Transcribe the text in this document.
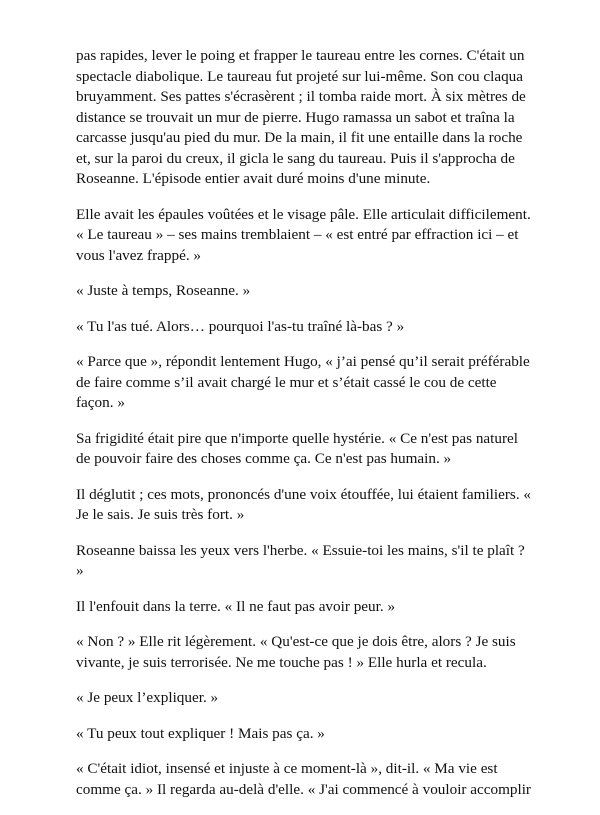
pas rapides, lever le poing et frapper le taureau entre les cornes. C'était un spectacle diabolique. Le taureau fut projeté sur lui-même. Son cou claqua bruyamment. Ses pattes s'écrasèrent ; il tomba raide mort. À six mètres de distance se trouvait un mur de pierre. Hugo ramassa un sabot et traîna la carcasse jusqu'au pied du mur. De la main, il fit une entaille dans la roche et, sur la paroi du creux, il gicla le sang du taureau. Puis il s'approcha de Roseanne. L'épisode entier avait duré moins d'une minute.

Elle avait les épaules voûtées et le visage pâle. Elle articulait difficilement. « Le taureau » – ses mains tremblaient – « est entré par effraction ici – et vous l'avez frappé. »

« Juste à temps, Roseanne. »

« Tu l'as tué. Alors… pourquoi l'as-tu traîné là-bas ? »

« Parce que », répondit lentement Hugo, « j’ai pensé qu’il serait préférable de faire comme s’il avait chargé le mur et s’était cassé le cou de cette façon. »

Sa frigidité était pire que n'importe quelle hystérie. « Ce n'est pas naturel de pouvoir faire des choses comme ça. Ce n'est pas humain. »

Il déglutit ; ces mots, prononcés d'une voix étouffée, lui étaient familiers. « Je le sais. Je suis très fort. »

Roseanne baissa les yeux vers l'herbe. « Essuie-toi les mains, s'il te plaît ? »

Il l'enfouit dans la terre. « Il ne faut pas avoir peur. »

« Non ? » Elle rit légèrement. « Qu'est-ce que je dois être, alors ? Je suis vivante, je suis terrorisée. Ne me touche pas ! » Elle hurla et recula.

« Je peux l’expliquer. »

« Tu peux tout expliquer ! Mais pas ça. »

« C'était idiot, insensé et injuste à ce moment-là », dit-il. « Ma vie est comme ça. » Il regarda au-delà d'elle. « J'ai commencé à vouloir accomplir
